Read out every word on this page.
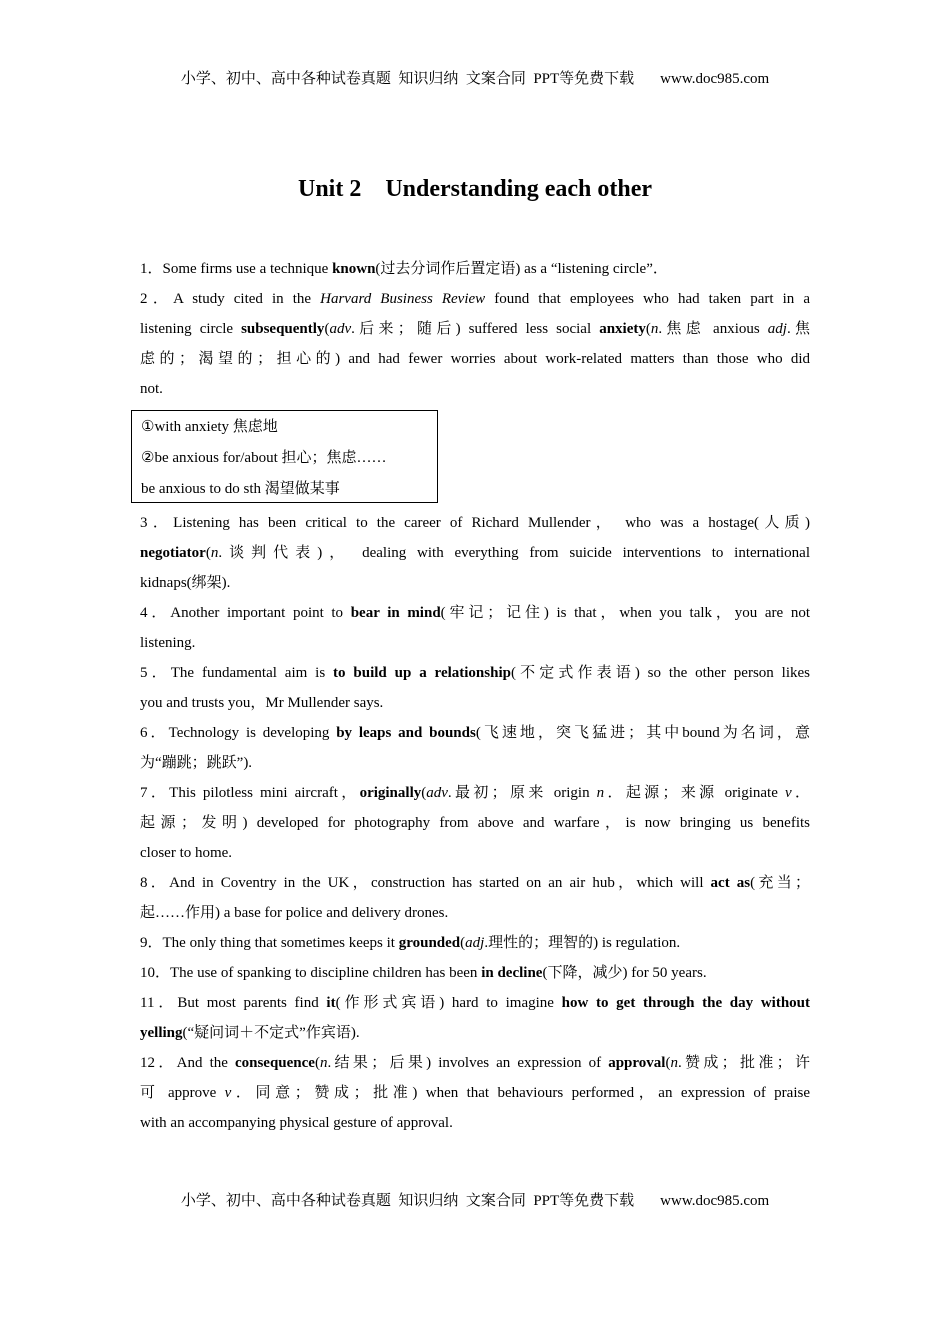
小学、初中、高中各种试卷真题  知识归纳  文案合同  PPT等免费下载 www.doc985.com
Unit 2    Understanding each other
1．Some firms use a technique known(过去分词作后置定语) as a “listening circle”．
2．A study cited in the Harvard Business Review found that employees who had taken part in a
listening circle subsequently(adv.后来；随后) suffered less social anxiety(n.焦虑 anxious adj.焦
虑的；渴望的；担心的) and had fewer worries about work-related matters than those who did
not.
3．Listening has been critical to the career of Richard Mullender， who was a hostage(人质)
negotiator(n.谈判代表)， dealing with everything from suicide interventions to international
kidnaps(绑架).
4．Another important point to bear in mind(牢记；记住) is that，when you talk，you are not
listening.
5．The fundamental aim is to build up a relationship(不定式作表语) so the other person likes
you and trusts you，Mr Mullender says.
6．Technology is developing by leaps and bounds(飞速地，突飞猛进；其中bound为名词，意
为“蹦跳；跳跃”).
7．This pilotless mini aircraft，originally(adv.最初；原来 origin n．起源；来源 originate v．
起源；发明) developed for photography from above and warfare，is now bringing us benefits
closer to home.
8．And in Coventry in the UK，construction has started on an air hub，which will act as(充当；
起……作用) a base for police and delivery drones.
9．The only thing that sometimes keeps it grounded(adj.理性的；理智的) is regulation.
10．The use of spanking to discipline children has been in decline(下降，减少) for 50 years.
11．But most parents find it(作形式宾语) hard to imagine how to get through the day without
yelling(“疑问词＋不定式”作宾语).
12．And the consequence(n.结果；后果) involves an expression of approval(n.赞成；批准；许
可 approve v．同意；赞成；批准) when that behaviours performed，an expression of praise
with an accompanying physical gesture of approval.
①with anxiety 焦虑地
②be anxious for/about 担心；焦虑……
be anxious to do sth 渴望做某事
小学、初中、高中各种试卷真题  知识归纳  文案合同  PPT等免费下载 www.doc985.com
